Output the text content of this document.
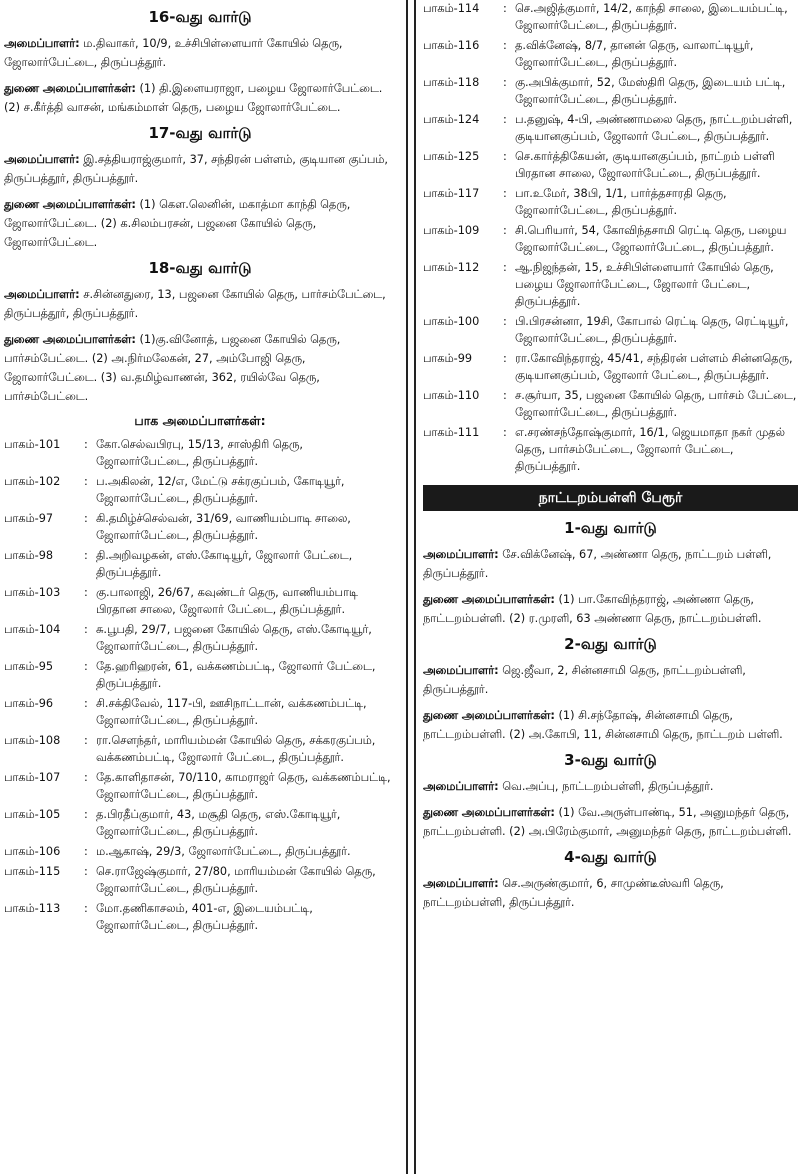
16-வது வார்டு

அமைப்பாளர்: ம.திவாகர், 10/9, உச்சிபிள்ளையார் கோயில் தெரு, ஜோலார்பேட்டை, திருப்பத்தூர்.

துணை அமைப்பாளர்கள்: (1) தி.இளையராஜா, பழைய ஜோலார்பேட்டை. (2) ச.கீர்த்தி வாசன், மங்கம்மாள் தெரு, பழைய ஜோலார்பேட்டை.

17-வது வார்டு

அமைப்பாளர்: இ.சத்தியராஜ்குமார், 37, சந்திரன் பள்ளம், குடியான குப்பம், திருப்பத்தூர், திருப்பத்தூர்.

துணை அமைப்பாளர்கள்: (1) கௌ.லெனின், மகாத்மா காந்தி தெரு, ஜோலார்பேட்டை. (2) க.சிலம்பரசன், பஜனை கோயில் தெரு, ஜோலார்பேட்டை.

18-வது வார்டு

அமைப்பாளர்: ச.சின்னதுரை, 13, பஜனை கோயில் தெரு, பார்சம்பேட்டை, திருப்பத்தூர், திருப்பத்தூர்.

துணை அமைப்பாளர்கள்: (1)கு.வினோத், பஜனை கோயில் தெரு, பார்சம்பேட்டை. (2) அ.நிர்மலேகன், 27, அம்போஜி தெரு, ஜோலார்பேட்டை. (3) வ.தமிழ்வாணன், 362, ரயில்வே தெரு, பார்சம்பேட்டை.

பாக அமைப்பாளர்கள்:
பாகம்-101	: கோ.செல்வபிரபு, 15/13, சாஸ்திரி தெரு, ஜோலார்பேட்டை, திருப்பத்தூர்.
பாகம்-102	: ப.அகிலன், 12/எ, மேட்டு சக்ரகுப்பம், கோடியூர், ஜோலார்பேட்டை, திருப்பத்தூர்.
பாகம்-97	: கி.தமிழ்ச்செல்வன், 31/69, வாணியம்பாடி சாலை, ஜோலார்பேட்டை, திருப்பத்தூர்.
பாகம்-98	: தி.அறிவழகன், எஸ்.கோடியூர், ஜோலார் பேட்டை, திருப்பத்தூர்.
பாகம்-103	: கு.பாலாஜி, 26/67, கவுண்டர் தெரு, வாணியம்பாடி பிரதான சாலை, ஜோலார் பேட்டை, திருப்பத்தூர்.
பாகம்-104	: சு.பூபதி, 29/7, பஜனை கோயில் தெரு, எஸ்.கோடியூர், ஜோலார்பேட்டை, திருப்பத்தூர்.
பாகம்-95	: தே.ஹரிஹரன், 61, வக்கணம்பட்டி, ஜோலார் பேட்டை, திருப்பத்தூர்.
பாகம்-96	: சி.சக்திவேல், 117-பி, ஊசிநாட்டான், வக்கணம்பட்டி, ஜோலார்பேட்டை, திருப்பத்தூர்.
பாகம்-108	: ரா.சௌந்தர், மாரியம்மன் கோயில் தெரு, சக்கரகுப்பம், வக்கணம்பட்டி, ஜோலார் பேட்டை, திருப்பத்தூர்.
பாகம்-107	: தே.காளிதாசன், 70/110, காமராஜர் தெரு, வக்கணம்பட்டி, ஜோலார்பேட்டை, திருப்பத்தூர்.
பாகம்-105	: த.பிரதீப்குமார், 43, மசூதி தெரு, எஸ்.கோடியூர், ஜோலார்பேட்டை, திருப்பத்தூர்.
பாகம்-106	: ம.ஆகாஷ், 29/3, ஜோலார்பேட்டை, திருப்பத்தூர்.
பாகம்-115	: செ.ராஜேஷ்குமார், 27/80, மாரியம்மன் கோயில் தெரு, ஜோலார்பேட்டை, திருப்பத்தூர்.
பாகம்-113	: மோ.தணிகாசலம், 401-எ, இடையம்பட்டி, ஜோலார்பேட்டை, திருப்பத்தூர்.
பாகம்-114	: செ.அஜித்குமார், 14/2, காந்தி சாலை, இடையம்பட்டி, ஜோலார்பேட்டை, திருப்பத்தூர்.
பாகம்-116	: த.விக்னேஷ், 8/7, தானன் தெரு, வாலாட்டியூர், ஜோலார்பேட்டை, திருப்பத்தூர்.
பாகம்-118	: கு.அபிக்குமார், 52, மேஸ்திரி தெரு, இடையம் பட்டி, ஜோலார்பேட்டை, திருப்பத்தூர்.
பாகம்-124	: ப.தனுஷ், 4-பி, அண்ணாமலை தெரு, நாட்டறம்பள்ளி, குடியானகுப்பம், ஜோலார் பேட்டை, திருப்பத்தூர்.
பாகம்-125	: செ.கார்த்திகேயன், குடியானகுப்பம், நாட்றம் பள்ளி பிரதான சாலை, ஜோலார்பேட்டை, திருப்பத்தூர்.
பாகம்-117	: பா.உமேர், 38பி, 1/1, பார்த்தசாரதி தெரு, ஜோலார்பேட்டை, திருப்பத்தூர்.
பாகம்-109	: சி.பெரியார், 54, கோவிந்தசாமி ரெட்டி தெரு, பழைய ஜோலார்பேட்டை, ஜோலார்பேட்டை, திருப்பத்தூர்.
பாகம்-112	: ஆ.நிஜந்தன், 15, உச்சிபிள்ளையார் கோயில் தெரு, பழைய ஜோலார்பேட்டை, ஜோலார் பேட்டை, திருப்பத்தூர்.
பாகம்-100	: பி.பிரசன்னா, 19சி, கோபால் ரெட்டி தெரு, ரெட்டியூர், ஜோலார்பேட்டை, திருப்பத்தூர்.
பாகம்-99	: ரா.கோவிந்தராஜ், 45/41, சந்திரன் பள்ளம் சின்னதெரு, குடியானகுப்பம், ஜோலார் பேட்டை, திருப்பத்தூர்.
பாகம்-110	: ச.சூர்யா, 35, பஜனை கோயில் தெரு, பார்சம் பேட்டை, ஜோலார்பேட்டை, திருப்பத்தூர்.
பாகம்-111	: எ.சரண்சந்தோஷ்குமார், 16/1, ஜெயமாதா நகர் முதல் தெரு, பார்சம்பேட்டை, ஜோலார் பேட்டை, திருப்பத்தூர்.
நாட்டறம்பள்ளி பேரூர்
1-வது வார்டு

அமைப்பாளர்: சே.விக்னேஷ், 67, அண்ணா தெரு, நாட்டறம் பள்ளி, திருப்பத்தூர்.

துணை அமைப்பாளர்கள்: (1) பா.கோவிந்தராஜ், அண்ணா தெரு, நாட்டறம்பள்ளி. (2) ர.முரளி, 63 அண்ணா தெரு, நாட்டறம்பள்ளி.

2-வது வார்டு

அமைப்பாளர்: ஜெ.ஜீவா, 2, சின்னசாமி தெரு, நாட்டறம்பள்ளி, திருப்பத்தூர்.

துணை அமைப்பாளர்கள்: (1) சி.சந்தோஷ், சின்னசாமி தெரு, நாட்டறம்பள்ளி. (2) அ.கோபி, 11, சின்னசாமி தெரு, நாட்டறம் பள்ளி.

3-வது வார்டு

அமைப்பாளர்: வெ.அப்பு, நாட்டறம்பள்ளி, திருப்பத்தூர்.

துணை அமைப்பாளர்கள்: (1) வே.அருள்பாண்டி, 51, அனுமந்தர் தெரு, நாட்டறம்பள்ளி. (2) அ.பிரேம்குமார், அனுமந்தர் தெரு, நாட்டறம்பள்ளி.

4-வது வார்டு

அமைப்பாளர்: செ.அருண்குமார், 6, சாமுண்டீஸ்வரி தெரு, நாட்டறம்பள்ளி, திருப்பத்தூர்.
